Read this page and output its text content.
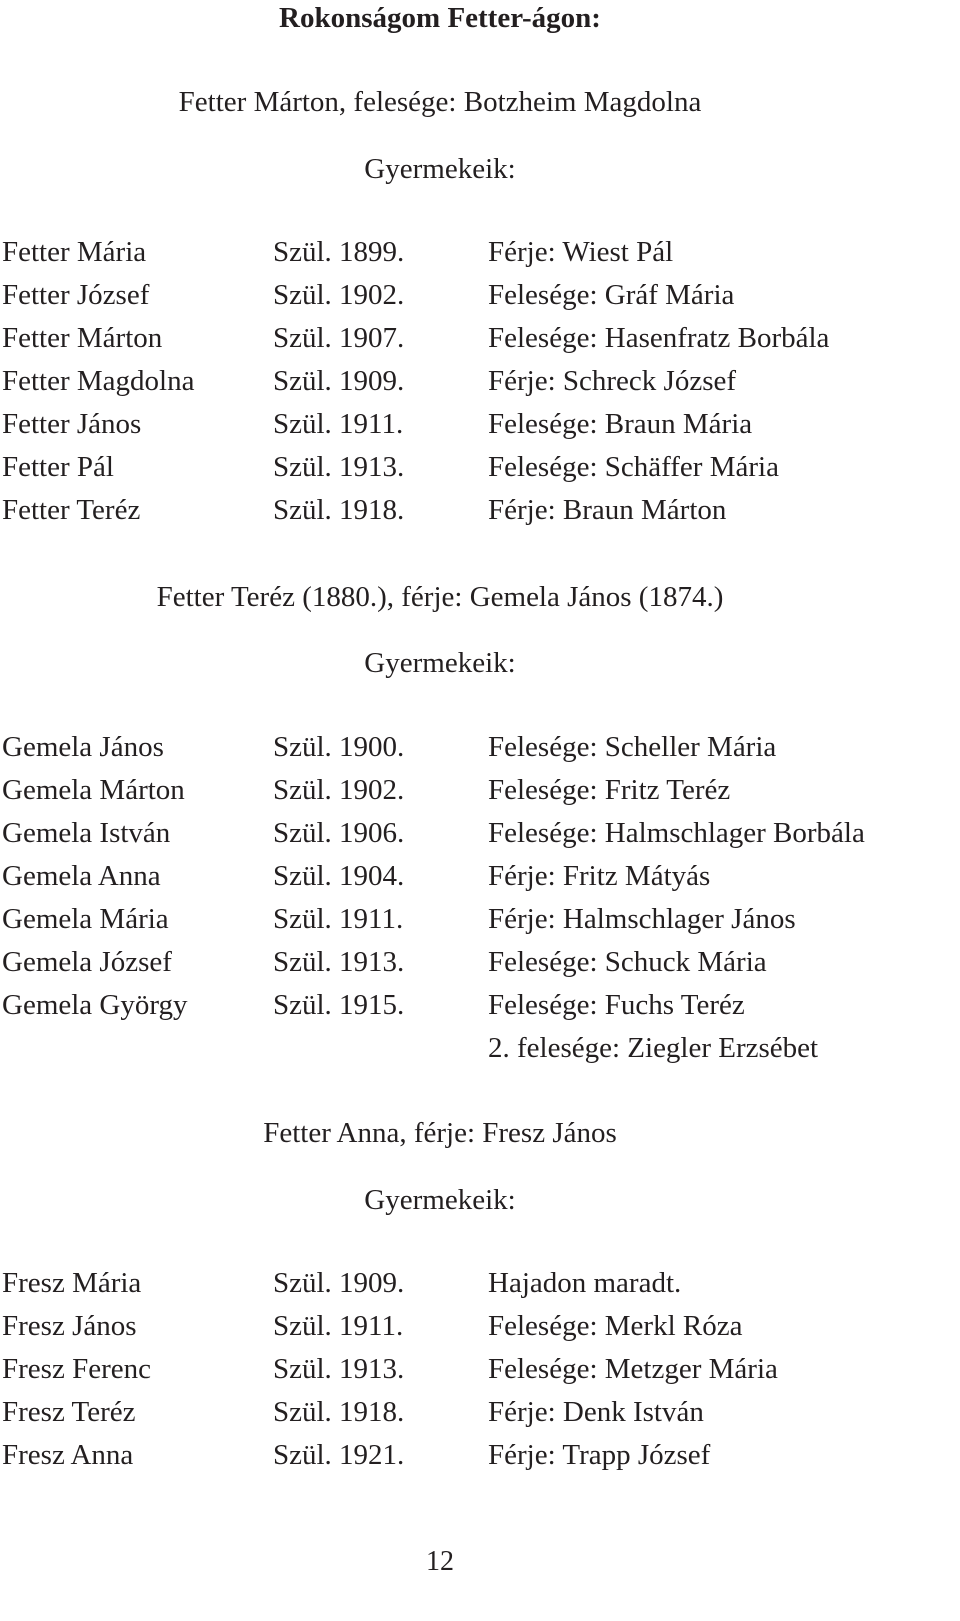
Rokonságom Fetter-ágon:
Fetter Márton, felesége: Botzheim Magdolna
Gyermekeik:
Fetter Mária	Szül. 1899.	Férje: Wiest Pál
Fetter József	Szül. 1902.	Felesége: Gráf Mária
Fetter Márton	Szül. 1907.	Felesége: Hasenfratz Borbála
Fetter Magdolna	Szül. 1909.	Férje: Schreck József
Fetter János	Szül. 1911.	Felesége: Braun Mária
Fetter Pál	Szül. 1913.	Felesége: Schäffer Mária
Fetter Teréz	Szül. 1918.	Férje: Braun Márton
Fetter Teréz (1880.), férje: Gemela János (1874.)
Gyermekeik:
Gemela János	Szül. 1900.	Felesége: Scheller Mária
Gemela Márton	Szül. 1902.	Felesége: Fritz Teréz
Gemela István	Szül. 1906.	Felesége: Halmschlager Borbála
Gemela Anna	Szül. 1904.	Férje: Fritz Mátyás
Gemela Mária	Szül. 1911.	Férje: Halmschlager János
Gemela József	Szül. 1913.	Felesége: Schuck Mária
Gemela György	Szül. 1915.	Felesége: Fuchs Teréz
2. felesége: Ziegler Erzsébet
Fetter Anna, férje: Fresz János
Gyermekeik:
Fresz Mária	Szül. 1909.	Hajadon maradt.
Fresz János	Szül. 1911.	Felesége: Merkl Róza
Fresz Ferenc	Szül. 1913.	Felesége: Metzger Mária
Fresz Teréz	Szül. 1918.	Férje: Denk István
Fresz Anna	Szül. 1921.	Férje: Trapp József
12
